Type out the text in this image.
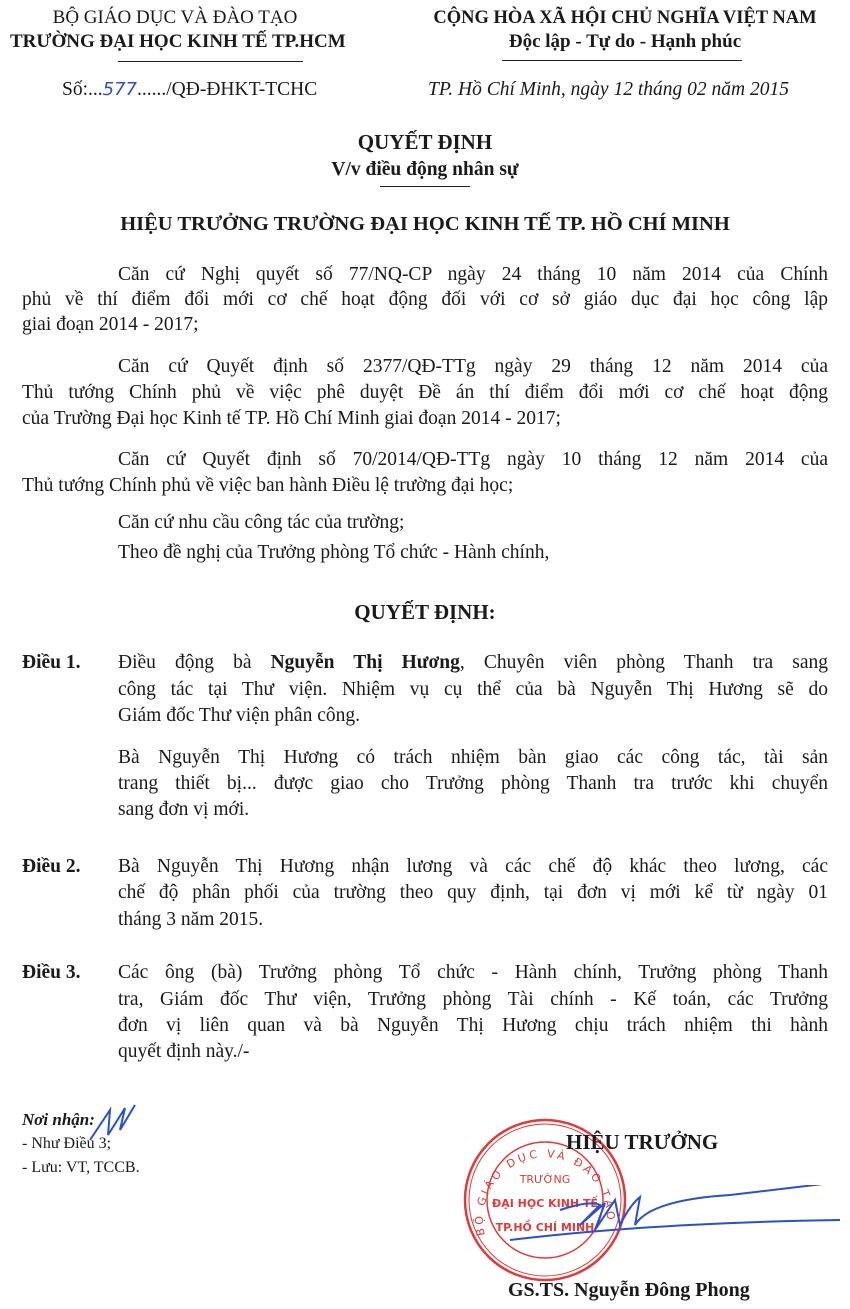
BỘ GIÁO DỤC VÀ ĐÀO TẠO
TRƯỜNG ĐẠI HỌC KINH TẾ TP.HCM
CỘNG HÒA XÃ HỘI CHỦ NGHĨA VIỆT NAM
Độc lập - Tự do - Hạnh phúc
Số:...577....../QĐ-ĐHKT-TCHC	TP. Hồ Chí Minh, ngày 12 tháng 02 năm 2015
QUYẾT ĐỊNH
V/v điều động nhân sự
HIỆU TRƯỞNG TRƯỜNG ĐẠI HỌC KINH TẾ TP. HỒ CHÍ MINH
Căn cứ Nghị quyết số 77/NQ-CP ngày 24 tháng 10 năm 2014 của Chính
phủ về thí điểm đổi mới cơ chế hoạt động đối với cơ sở giáo dục đại học công lập
giai đoạn 2014 - 2017;
Căn cứ Quyết định số 2377/QĐ-TTg ngày 29 tháng 12 năm 2014 của
Thủ tướng Chính phủ về việc phê duyệt Đề án thí điểm đổi mới cơ chế hoạt động
của Trường Đại học Kinh tế TP. Hồ Chí Minh giai đoạn 2014 - 2017;
Căn cứ Quyết định số 70/2014/QĐ-TTg ngày 10 tháng 12 năm 2014 của
Thủ tướng Chính phủ về việc ban hành Điều lệ trường đại học;
Căn cứ nhu cầu công tác của trường;
Theo đề nghị của Trưởng phòng Tổ chức - Hành chính,
QUYẾT ĐỊNH:
Điều 1. Điều động bà Nguyễn Thị Hương, Chuyên viên phòng Thanh tra sang
công tác tại Thư viện. Nhiệm vụ cụ thể của bà Nguyễn Thị Hương sẽ do
Giám đốc Thư viện phân công.
Bà Nguyễn Thị Hương có trách nhiệm bàn giao các công tác, tài sản
trang thiết bị... được giao cho Trưởng phòng Thanh tra trước khi chuyển
sang đơn vị mới.
Điều 2. Bà Nguyễn Thị Hương nhận lương và các chế độ khác theo lương, các
chế độ phân phối của trường theo quy định, tại đơn vị mới kể từ ngày 01
tháng 3 năm 2015.
Điều 3. Các ông (bà) Trưởng phòng Tổ chức - Hành chính, Trưởng phòng Thanh
tra, Giám đốc Thư viện, Trưởng phòng Tài chính - Kế toán, các Trưởng
đơn vị liên quan và bà Nguyễn Thị Hương chịu trách nhiệm thi hành
quyết định này./-
Nơi nhận:
- Như Điều 3;
- Lưu: VT, TCCB.
BỘ GIÁO DỤC VÀ ĐÀO TẠO
TRƯỜNG
ĐẠI HỌC KINH TẾ
TP.HỒ CHÍ MINH
HIỆU TRƯỞNG
GS.TS. Nguyễn Đông Phong
